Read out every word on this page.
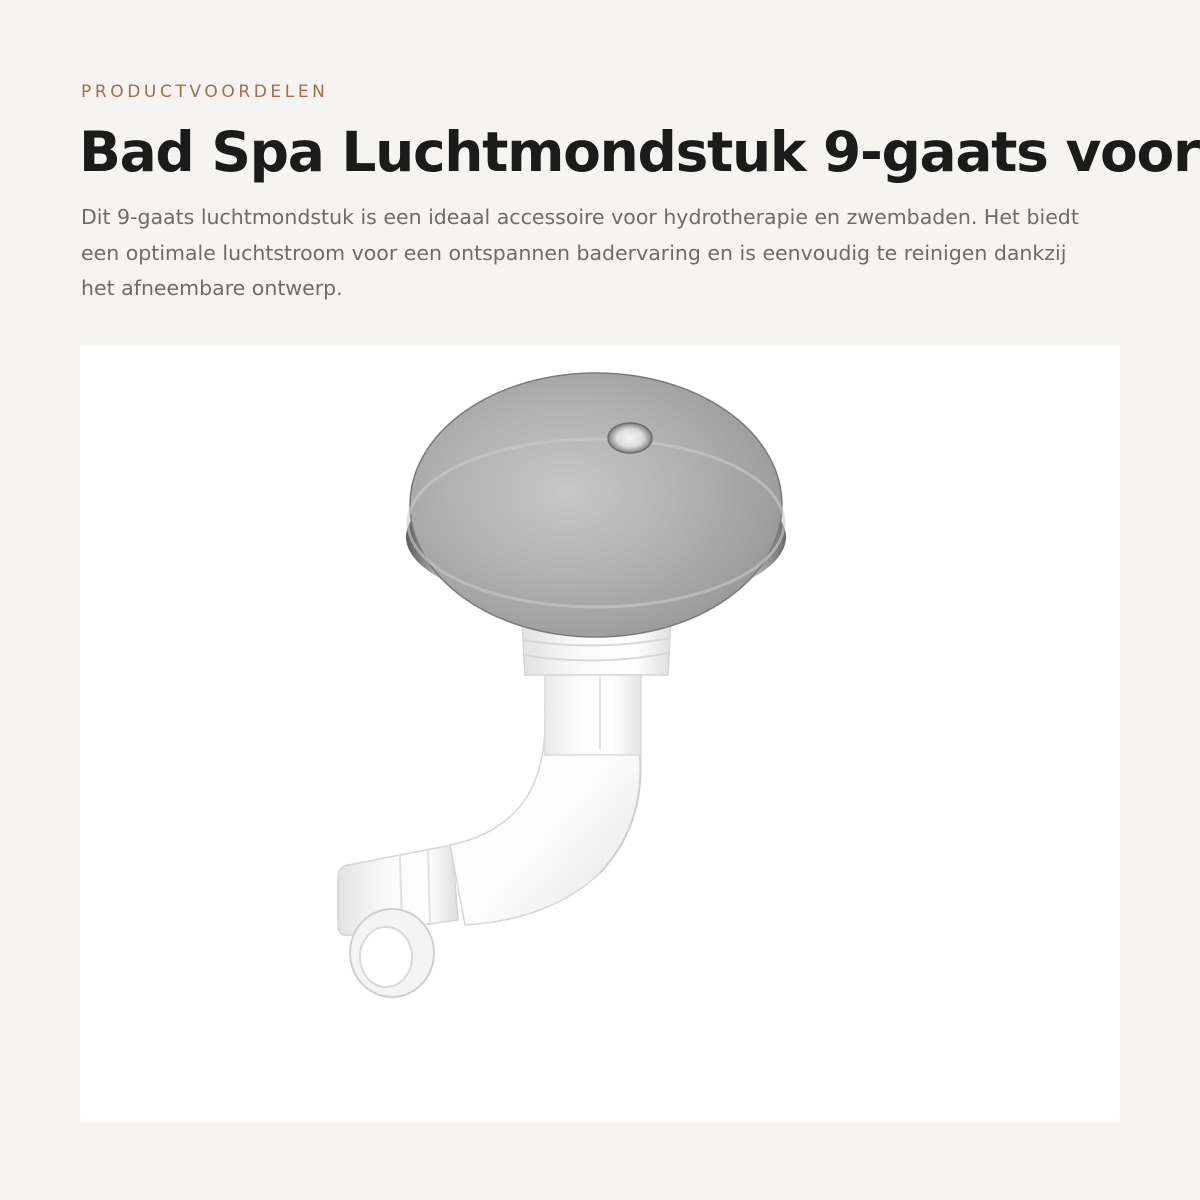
PRODUCTVOORDELEN

Bad Spa Luchtmondstuk 9-gaats voor

Dit 9-gaats luchtmondstuk is een ideaal accessoire voor hydrotherapie en zwembaden. Het biedt een optimale luchtstroom voor een ontspannen badervaring en is eenvoudig te reinigen dankzij het afneembare ontwerp.
